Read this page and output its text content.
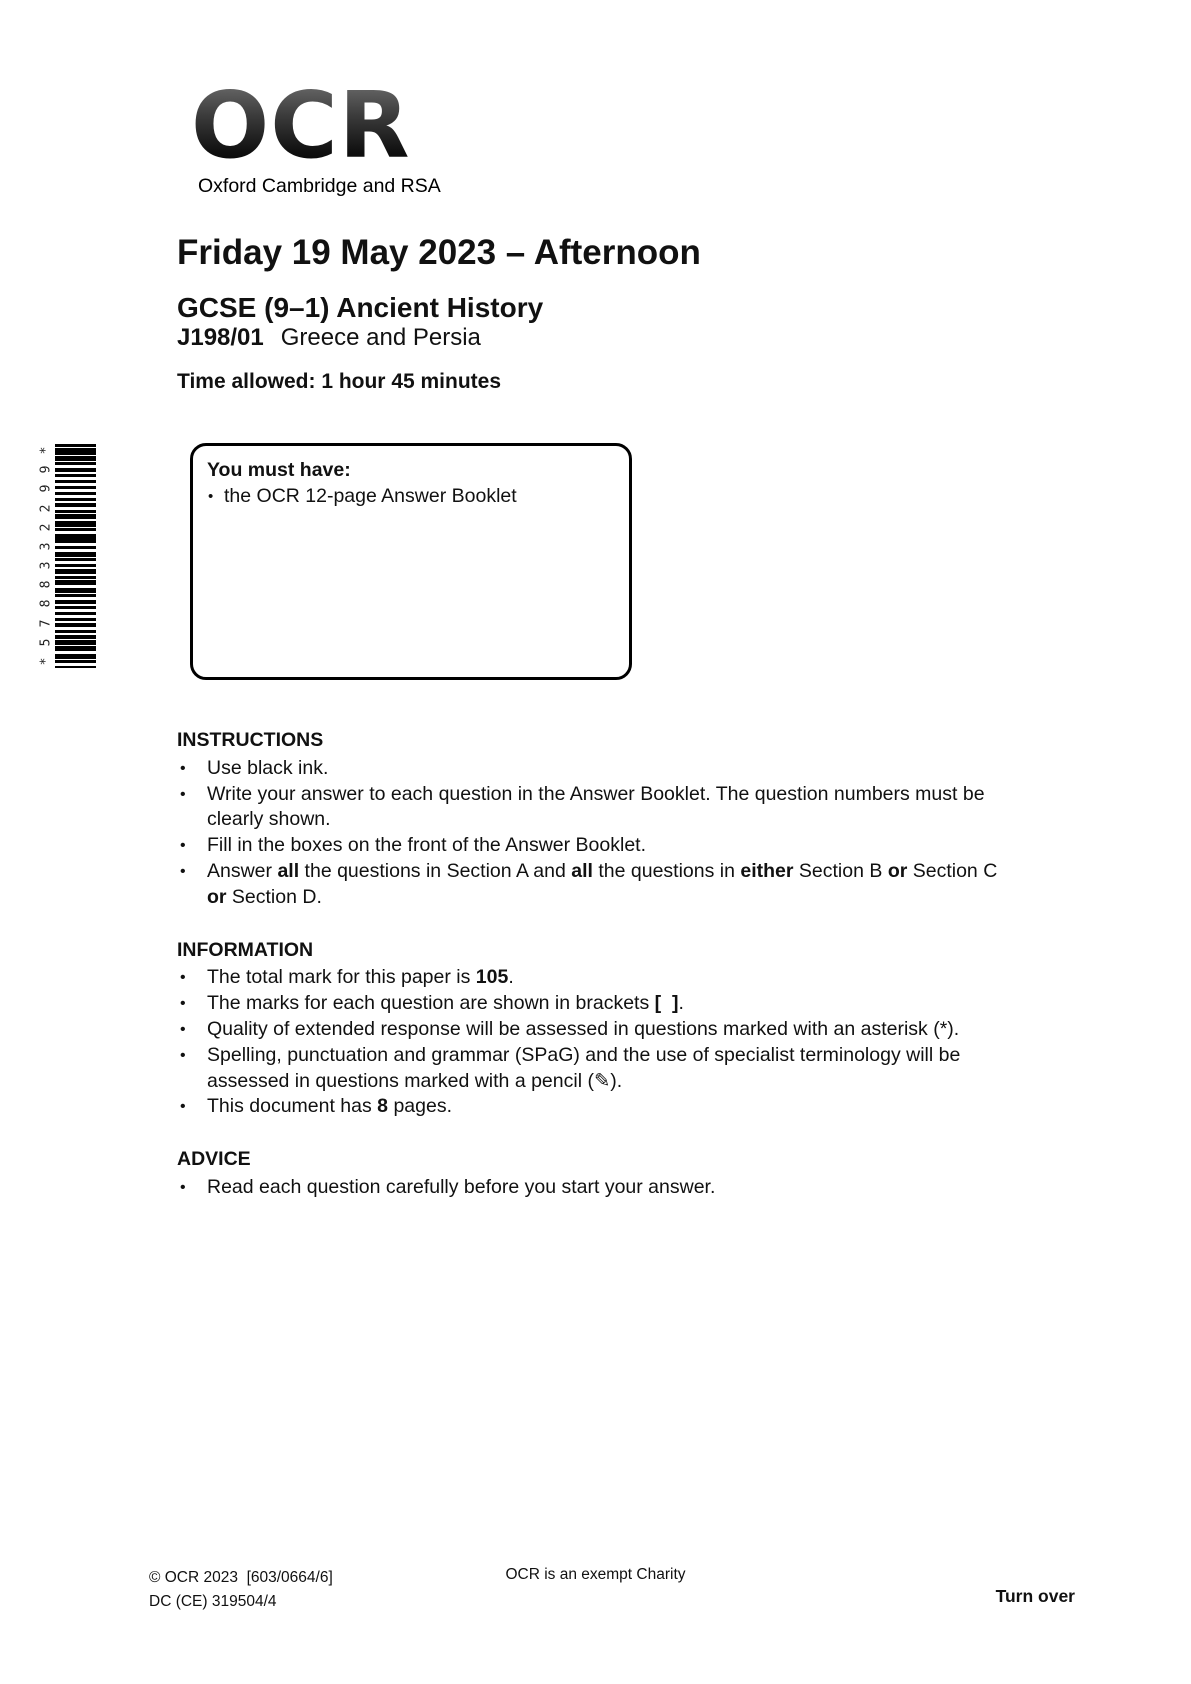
OCR
Oxford Cambridge and RSA
Friday 19 May 2023 – Afternoon
GCSE (9–1) Ancient History
J198/01 Greece and Persia
Time allowed: 1 hour 45 minutes
*
9
9
2
2
3
3
8
8
7
5
*
You must have:
• the OCR 12-page Answer Booklet
INSTRUCTIONS
• Use black ink.
• Write your answer to each question in the Answer Booklet. The question numbers must be clearly shown.
• Fill in the boxes on the front of the Answer Booklet.
• Answer all the questions in Section A and all the questions in either Section B or Section C or Section D.
INFORMATION
• The total mark for this paper is 105.
• The marks for each question are shown in brackets [  ].
• Quality of extended response will be assessed in questions marked with an asterisk (*).
• Spelling, punctuation and grammar (SPaG) and the use of specialist terminology will be assessed in questions marked with a pencil (✎).
• This document has 8 pages.
ADVICE
• Read each question carefully before you start your answer.
© OCR 2023  [603/0664/6]
DC (CE) 319504/4
OCR is an exempt Charity
Turn over
